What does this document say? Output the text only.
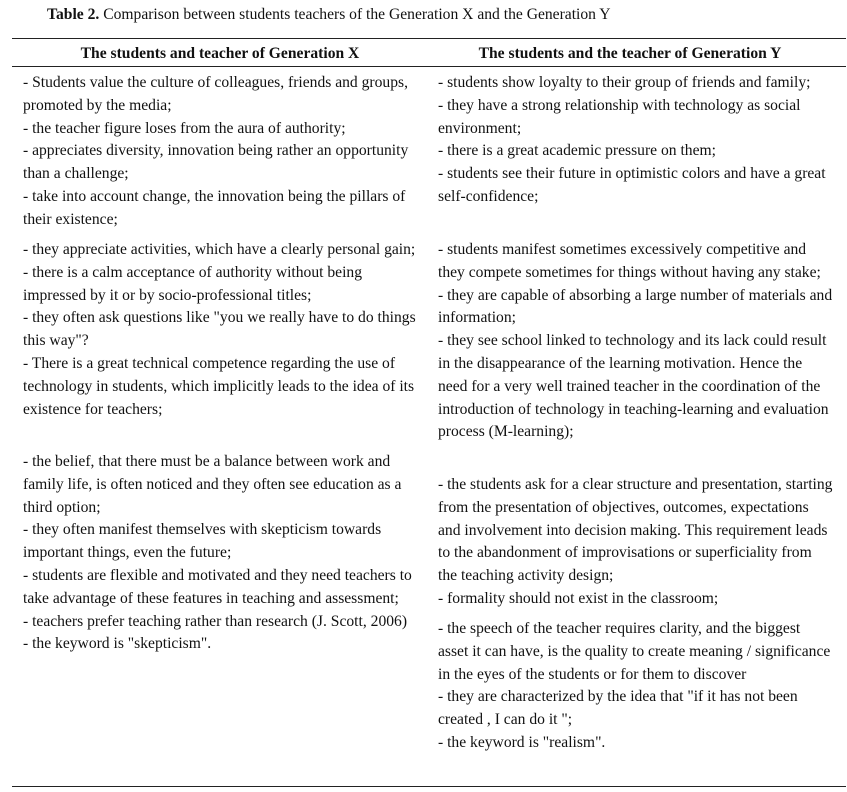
Table 2. Comparison between students teachers of the Generation X and the Generation Y
The students and teacher of Generation X	The students and the teacher of Generation Y
- Students value the culture of colleagues, friends and groups, promoted by the media;
- the teacher figure loses from the aura of authority;
- appreciates diversity, innovation being rather an opportunity than a challenge;
- take into account change, the innovation being the pillars of their existence;
- students show loyalty to their group of friends and family;
- they have a strong relationship with technology as social environment;
- there is a great academic pressure on them;
- students see their future in optimistic colors and have a great self-confidence;
- they appreciate activities, which have a clearly personal gain;
- there is a calm acceptance of authority without being impressed by it or by socio-professional titles;
- they often ask questions like "you we really have to do things this way"?
- There is a great technical competence regarding the use of technology in students, which implicitly leads to the idea of its existence for teachers;
- students manifest sometimes excessively competitive and they compete sometimes for things without having any stake;
- they are capable of absorbing a large number of materials and information;
- they see school linked to technology and its lack could result in the disappearance of the learning motivation. Hence the need for a very well trained teacher in the coordination of the introduction of technology in teaching-learning and evaluation process (M-learning);
- the belief, that there must be a balance between work and family life, is often noticed and they often see education as a third option;
- they often manifest themselves with skepticism towards important things, even the future;
- students are flexible and motivated and they need teachers to take advantage of these features in teaching and assessment;
- teachers prefer teaching rather than research (J. Scott, 2006)
- the keyword is "skepticism".
- the students ask for a clear structure and presentation, starting from the presentation of objectives, outcomes, expectations and involvement into decision making. This requirement leads to the abandonment of improvisations or superficiality from the teaching activity design;
- formality should not exist in the classroom;
- the speech of the teacher requires clarity, and the biggest asset it can have, is the quality to create meaning / significance in the eyes of the students or for them to discover
- they are characterized by the idea that "if it has not been created , I can do it ";
- the keyword is "realism".
